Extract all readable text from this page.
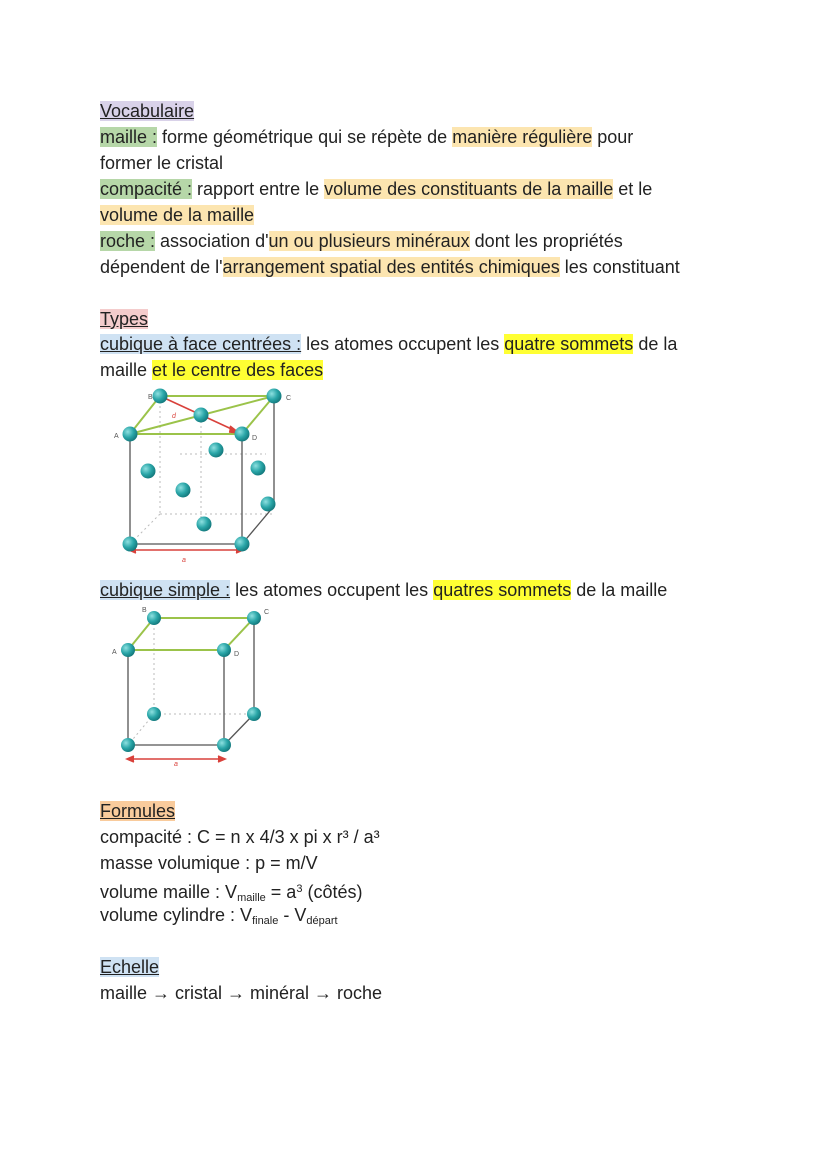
Vocabulaire
maille : forme géométrique qui se répète de manière régulière pour
former le cristal
compacité : rapport entre le volume des constituants de la maille et le
volume de la maille
roche : association d'un ou plusieurs minéraux dont les propriétés
dépendent de l'arrangement spatial des entités chimiques les constituant
Types
cubique à face centrées : les atomes occupent les quatre sommets de la
maille et le centre des faces
B	C
A	D
a
d
cubique simple : les atomes occupent les quatres sommets de la maille
B	C
A	D
a
Formules
compacité : C = n x 4/3 x pi x r³ / a³
masse volumique : p = m/V
volume maille : $V_{maille} = a^3$ (côtés)
volume cylindre : $V_{finale} - V_{départ}$
Echelle
maille → cristal → minéral → roche
